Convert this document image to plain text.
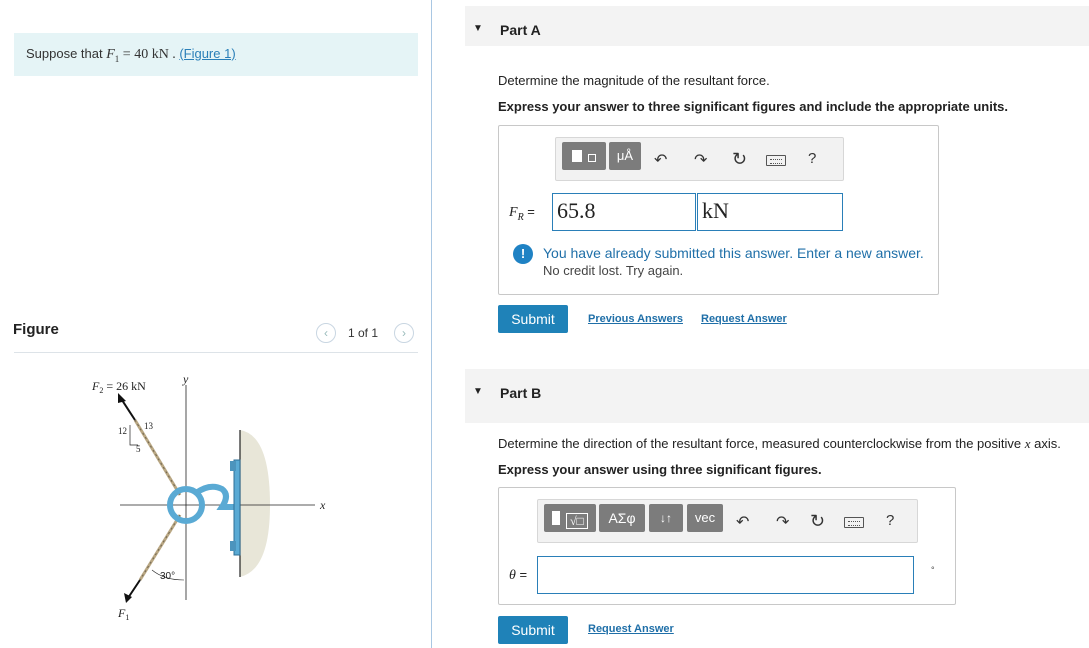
Suppose that $F_1 = 40$ kN . (Figure 1)
Figure	‹	1 of 1	›
$F_2 = 26$ kN	y
x
12 13
5
30°
$F_1$
▼ Part A
Determine the magnitude of the resultant force.
Express your answer to three significant figures and include the appropriate units.

μÅ	↶ ↷ ↻	?
$F_R = 65.8$	kN
!	You have already submitted this answer. Enter a new answer.
No credit lost. Try again.
Submit	Previous Answers Request Answer
▼ Part B
Determine the direction of the resultant force, measured counterclockwise from the positive x axis.
Express your answer using three significant figures.
√□	ΑΣφ	↓↑	vec	↶ ↷ ↻	?
θ =	°
Submit	Request Answer
